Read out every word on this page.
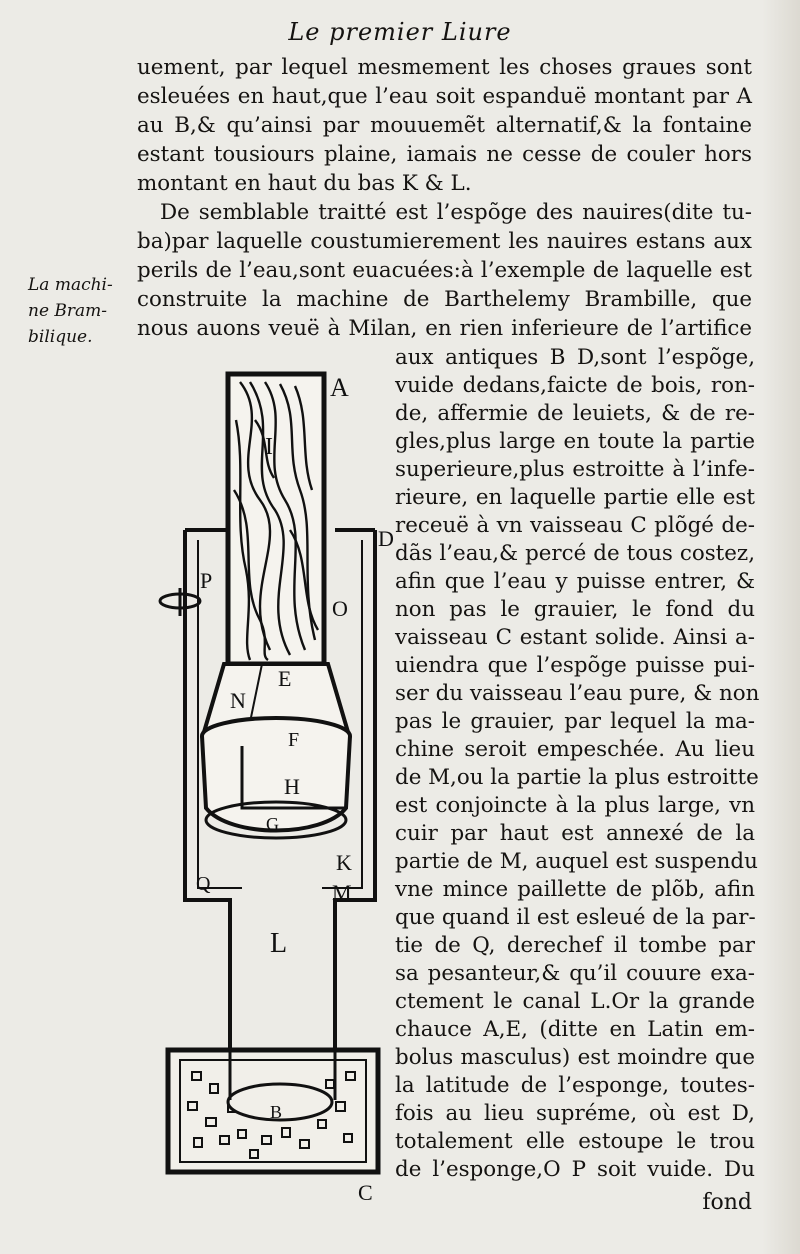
Le premier Liure
uement, par lequel mesmement les choses graues sont
esleuées en haut,que l’eau soit espanduë montant par A
au B,& qu’ainsi par mouuemẽt alternatif,& la fontaine
estant tousiours plaine, iamais ne cesse de couler hors
montant en haut du bas K & L.
De semblable traitté est l’espõge des nauires(dite tu-
ba)par laquelle coustumierement les nauires estans aux
perils de l’eau,sont euacuées:à l’exemple de laquelle est
construite la machine de Barthelemy Brambille, que
nous auons veuë à Milan, en rien inferieure de l’artifice
La machi-
ne Bram-
bilique.
aux antiques B D,sont l’espõge,
vuide dedans,faicte de bois, ron-
de, affermie de leuiets, & de re-
gles,plus large en toute la partie
superieure,plus estroitte à l’infe-
rieure, en laquelle partie elle est
receuë à vn vaisseau C plõgé de-
dãs l’eau,& percé de tous costez,
afin que l’eau y puisse entrer, &
non pas le grauier, le fond du
vaisseau C estant solide. Ainsi a-
uiendra que l’espõge puisse pui-
ser du vaisseau l’eau pure, & non
pas le grauier, par lequel la ma-
chine seroit empeschée. Au lieu
de M,ou la partie la plus estroitte
est conjoincte à la plus large, vn
cuir par haut est annexé de la
partie de M, auquel est suspendu
vne mince paillette de plõb, afin
que quand il est esleué de la par-
tie de Q, derechef il tombe par
sa pesanteur,& qu’il couure exa-
ctement le canal L.Or la grande
chauce A,E, (ditte en Latin em-
bolus masculus) est moindre que
la latitude de l’esponge, toutes-
fois au lieu supréme, où est D,
totalement elle estoupe le trou
de l’esponge,O P soit vuide. Du
fond
A
I
D
P
O
N
E
F
H
G
K
M
Q
L
B
C
